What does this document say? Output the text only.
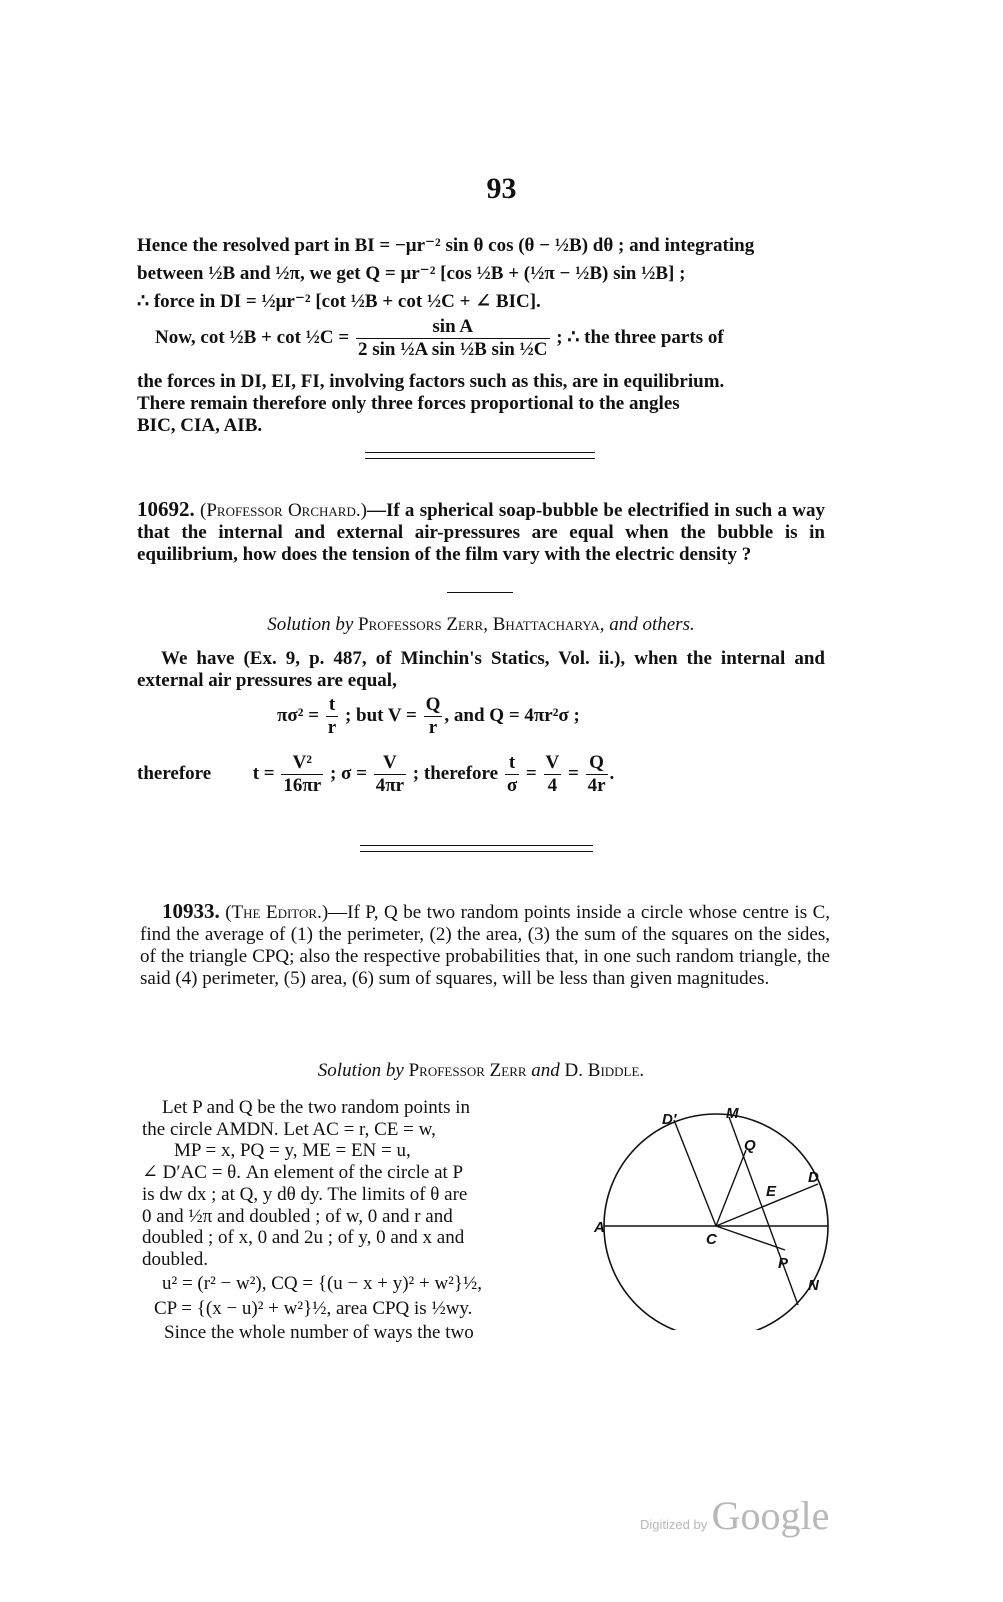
93
Hence the resolved part in BI = −μr⁻² sin θ cos (θ − ½B) dθ ; and integrating
between ½B and ½π, we get Q = μr⁻² [cos ½B + (½π − ½B) sin ½B] ;
∴ force in DI = ½μr⁻² [cot ½B + cot ½C + ∠ BIC].
Now, cot ½B + cot ½C = $\frac{\text{sin A}}{\text{2 sin ½A sin ½B sin ½C}}$ ; ∴ the three parts of
the forces in DI, EI, FI, involving factors such as this, are in equilibrium.
There remain therefore only three forces proportional to the angles
BIC, CIA, AIB.
10692. (Professor Orchard.)—If a spherical soap-bubble be electrified in such a way that the internal and external air-pressures are equal when the bubble is in equilibrium, how does the tension of the film vary with the electric density ?
Solution by Professors Zerr, Bhattacharya, and others.
We have (Ex. 9, p. 487, of Minchin's Statics, Vol. ii.), when the internal and external air pressures are equal,
$\pi\sigma^2 = \frac{t}{r}$ ; but $V = \frac{Q}{r}$ , and Q = 4πr²σ ;
therefore $t = \frac{\text{V²}}{16\pi r}$ ; $\sigma = \frac{V}{4\pi r}$ ; therefore $\frac{t}{\sigma} = \frac{V}{4} = \frac{Q}{4r}$ .
10933. (The Editor.)—If P, Q be two random points inside a circle whose centre is C, find the average of (1) the perimeter, (2) the area, (3) the sum of the squares on the sides, of the triangle CPQ; also the respective probabilities that, in one such random triangle, the said (4) perimeter, (5) area, (6) sum of squares, will be less than given magnitudes.
Solution by Professor Zerr and D. Biddle.
Let P and Q be the two random points in
the circle AMDN. Let AC = r, CE = w,
MP = x, PQ = y, ME = EN = u,
∠ D′AC = θ. An element of the circle at P
is dw dx ; at Q, y dθ dy. The limits of θ are
0 and ½π and doubled ; of w, 0 and r and
doubled ; of x, 0 and 2u ; of y, 0 and x and
doubled.
u² = (r² − w²), CQ = {(u − x + y)² + w²}½,
CP = {(x − u)² + w²}½, area CPQ is ½wy.
Since the whole number of ways the two
D′	M
Q
D
E
A
C
P
N
Digitized by Google
